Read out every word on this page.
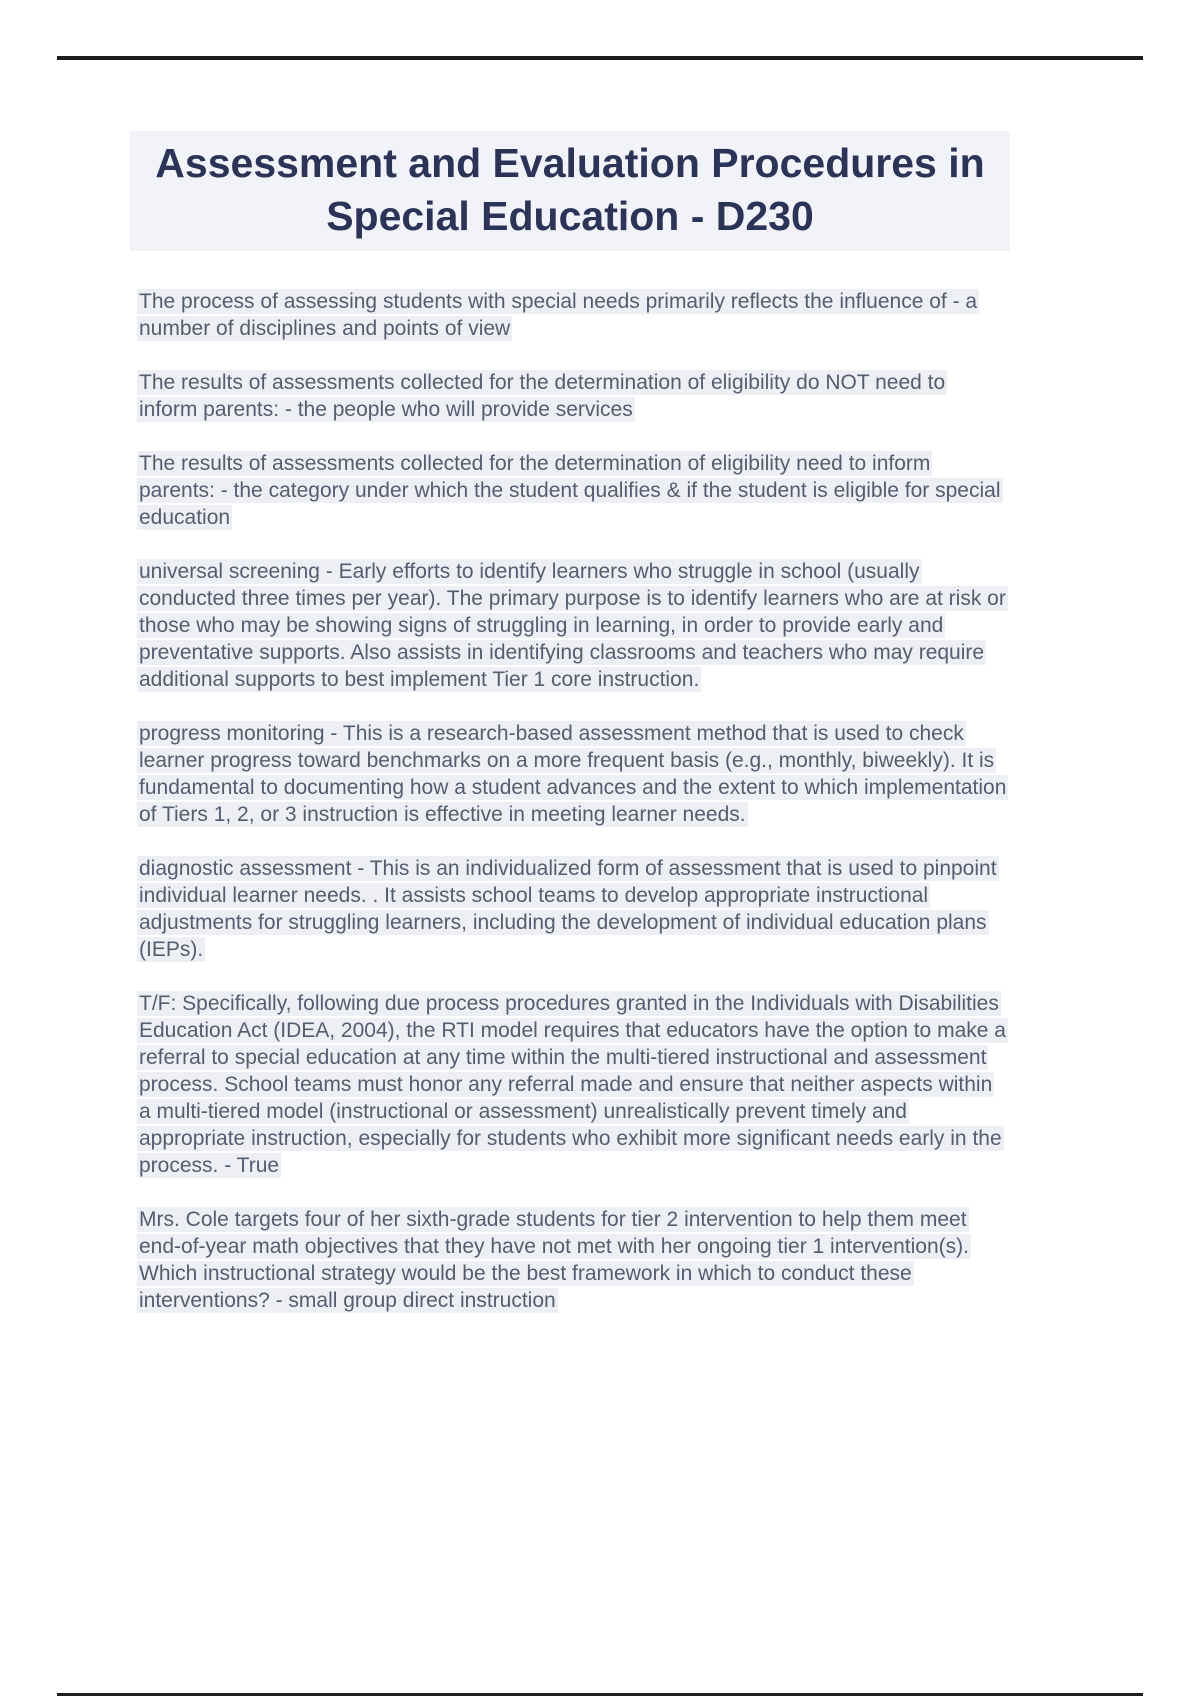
Assessment and Evaluation Procedures in Special Education - D230

The process of assessing students with special needs primarily reflects the influence of - a number of disciplines and points of view

The results of assessments collected for the determination of eligibility do NOT need to inform parents: - the people who will provide services

The results of assessments collected for the determination of eligibility need to inform parents: - the category under which the student qualifies & if the student is eligible for special education

universal screening - Early efforts to identify learners who struggle in school (usually conducted three times per year). The primary purpose is to identify learners who are at risk or those who may be showing signs of struggling in learning, in order to provide early and preventative supports. Also assists in identifying classrooms and teachers who may require additional supports to best implement Tier 1 core instruction.

progress monitoring - This is a research-based assessment method that is used to check learner progress toward benchmarks on a more frequent basis (e.g., monthly, biweekly). It is fundamental to documenting how a student advances and the extent to which implementation of Tiers 1, 2, or 3 instruction is effective in meeting learner needs.

diagnostic assessment - This is an individualized form of assessment that is used to pinpoint individual learner needs. . It assists school teams to develop appropriate instructional adjustments for struggling learners, including the development of individual education plans (IEPs).

T/F: Specifically, following due process procedures granted in the Individuals with Disabilities Education Act (IDEA, 2004), the RTI model requires that educators have the option to make a referral to special education at any time within the multi-tiered instructional and assessment process. School teams must honor any referral made and ensure that neither aspects within a multi-tiered model (instructional or assessment) unrealistically prevent timely and appropriate instruction, especially for students who exhibit more significant needs early in the process. - True

Mrs. Cole targets four of her sixth-grade students for tier 2 intervention to help them meet end-of-year math objectives that they have not met with her ongoing tier 1 intervention(s). Which instructional strategy would be the best framework in which to conduct these interventions? - small group direct instruction
